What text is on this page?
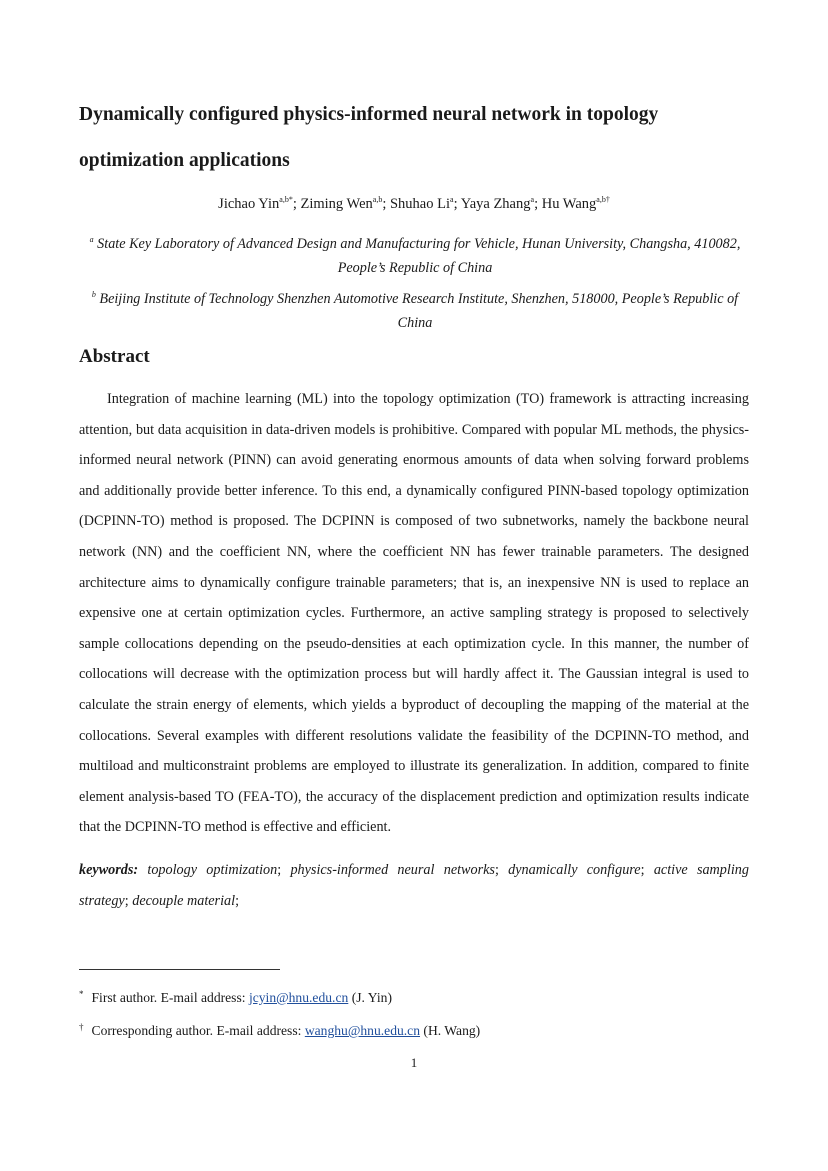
Dynamically configured physics-informed neural network in topology optimization applications
Jichao Yin$^{a,b*}$; Ziming Wen$^{a,b}$; Shuhao Li$^a$; Yaya Zhang$^a$; Hu Wang$^{a,b\dagger}$
$^a$ State Key Laboratory of Advanced Design and Manufacturing for Vehicle, Hunan University, Changsha, 410082, People’s Republic of China
$^b$ Beijing Institute of Technology Shenzhen Automotive Research Institute, Shenzhen, 518000, People’s Republic of China
Abstract

Integration of machine learning (ML) into the topology optimization (TO) framework is attracting increasing attention, but data acquisition in data-driven models is prohibitive. Compared with popular ML methods, the physics-informed neural network (PINN) can avoid generating enormous amounts of data when solving forward problems and additionally provide better inference. To this end, a dynamically configured PINN-based topology optimization (DCPINN-TO) method is proposed. The DCPINN is composed of two subnetworks, namely the backbone neural network (NN) and the coefficient NN, where the coefficient NN has fewer trainable parameters. The designed architecture aims to dynamically configure trainable parameters; that is, an inexpensive NN is used to replace an expensive one at certain optimization cycles. Furthermore, an active sampling strategy is proposed to selectively sample collocations depending on the pseudo-densities at each optimization cycle. In this manner, the number of collocations will decrease with the optimization process but will hardly affect it. The Gaussian integral is used to calculate the strain energy of elements, which yields a byproduct of decoupling the mapping of the material at the collocations. Several examples with different resolutions validate the feasibility of the DCPINN-TO method, and multiload and multiconstraint problems are employed to illustrate its generalization. In addition, compared to finite element analysis-based TO (FEA-TO), the accuracy of the displacement prediction and optimization results indicate that the DCPINN-TO method is effective and efficient.

keywords: topology optimization; physics-informed neural networks; dynamically configure; active sampling strategy; decouple material;

* First author. E-mail address: jcyin@hnu.edu.cn (J. Yin)
† Corresponding author. E-mail address: wanghu@hnu.edu.cn (H. Wang)
1
